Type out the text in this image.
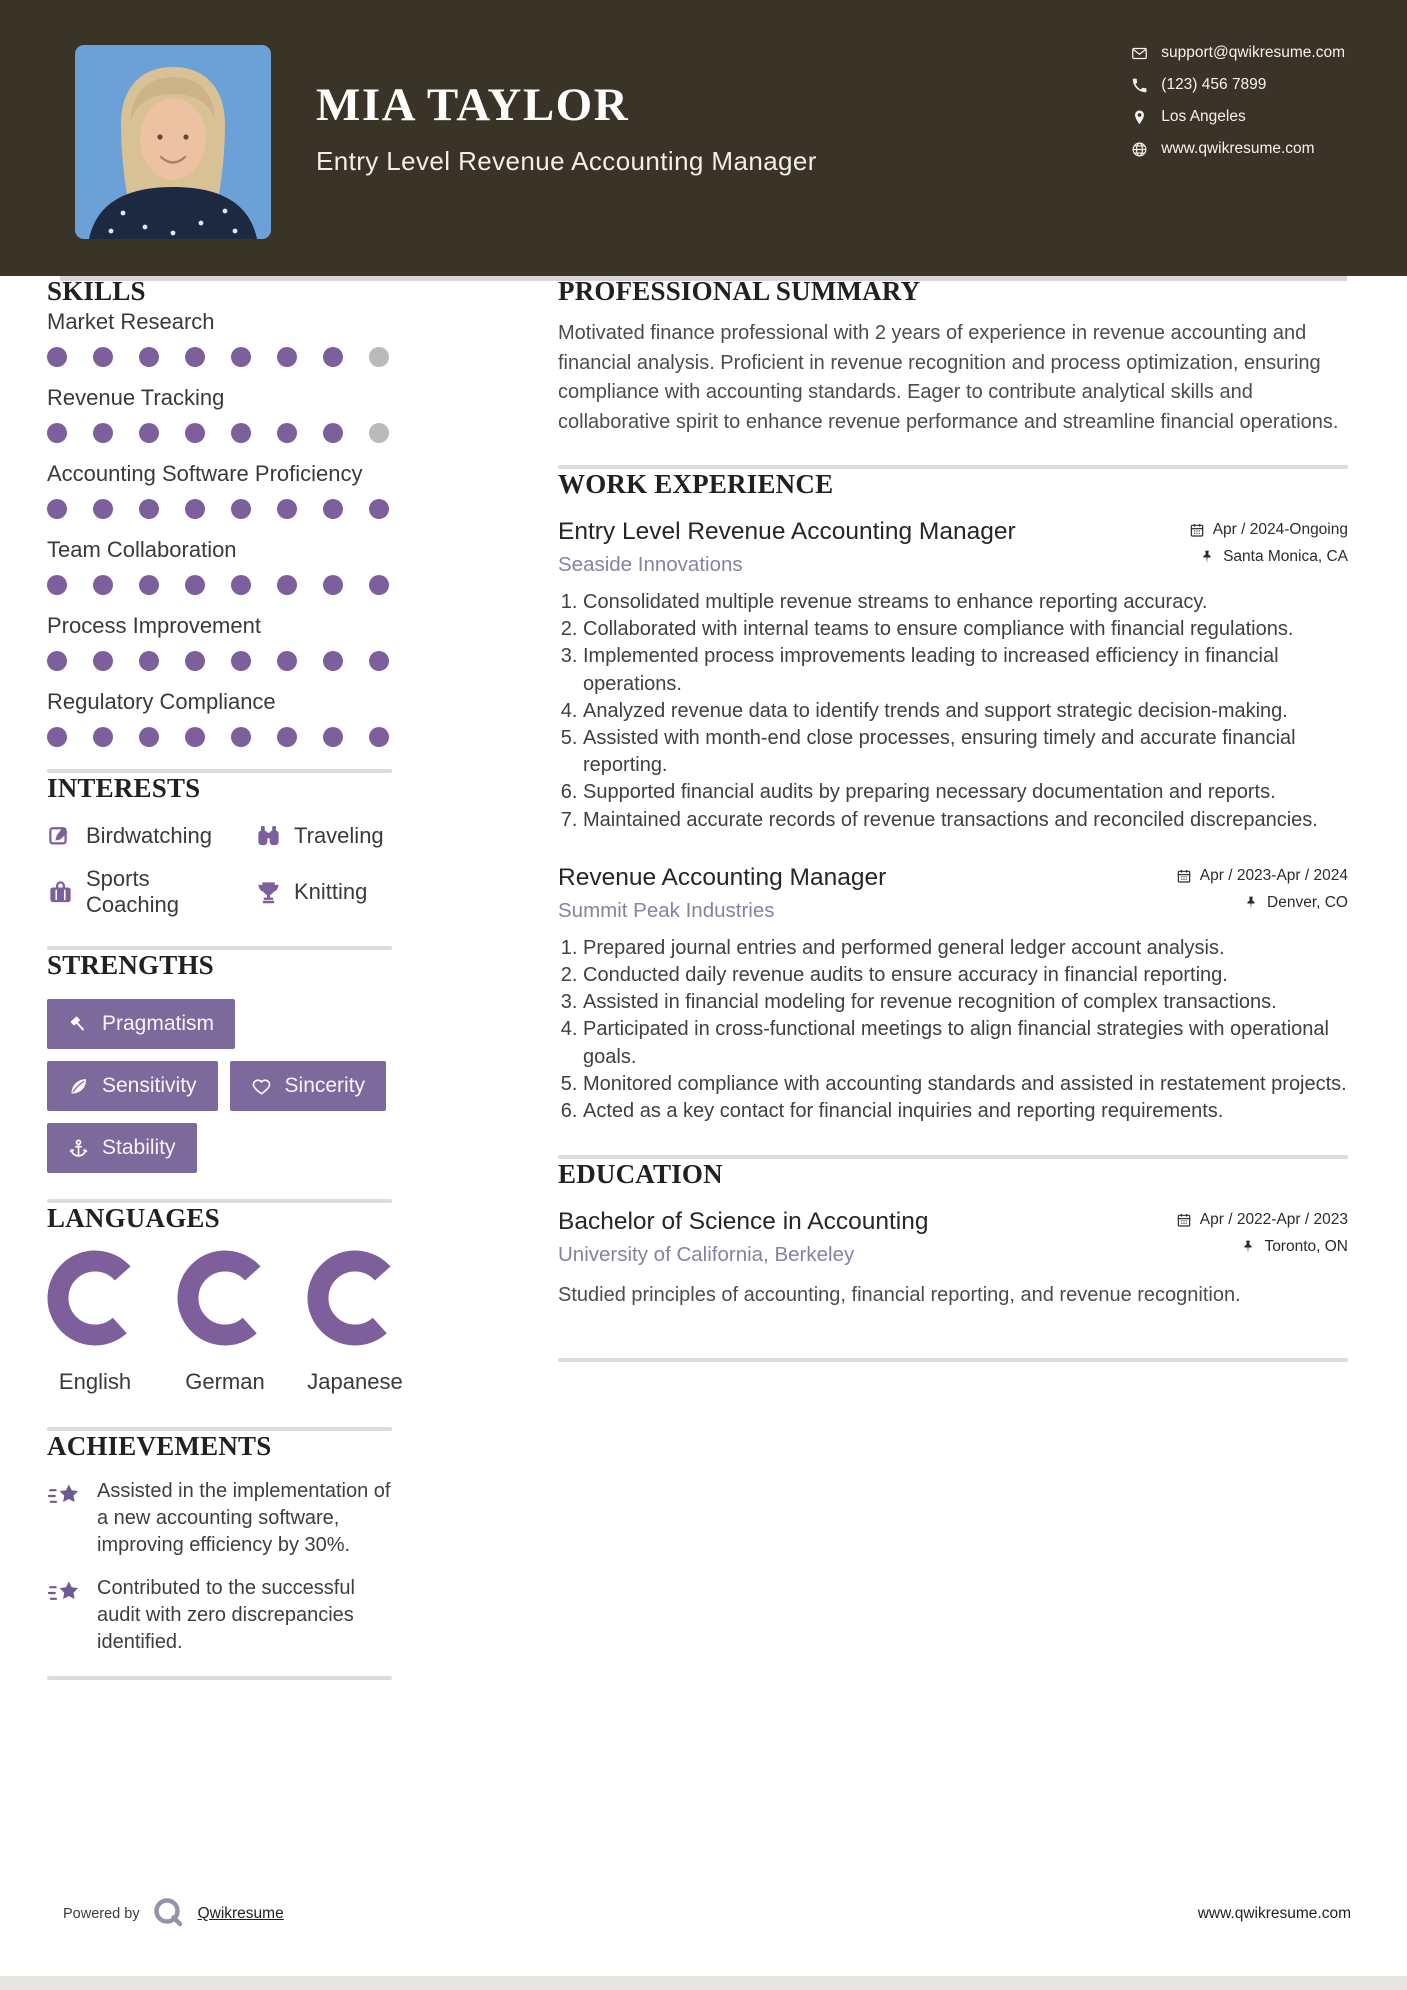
MIA TAYLOR
Entry Level Revenue Accounting Manager
support@qwikresume.com
(123) 456 7899
Los Angeles
www.qwikresume.com
SKILLS
Market Research
Revenue Tracking
Accounting Software Proficiency
Team Collaboration
Process Improvement
Regulatory Compliance
INTERESTS
Birdwatching	Traveling
Sports Coaching
Knitting
STRENGTHS
Pragmatism
Sensitivity	Sincerity
Stability
LANGUAGES
English	German	Japanese
ACHIEVEMENTS
Assisted in the implementation of a new accounting software, improving efficiency by 30%.
Contributed to the successful audit with zero discrepancies identified.
PROFESSIONAL SUMMARY

Motivated finance professional with 2 years of experience in revenue accounting and financial analysis. Proficient in revenue recognition and process optimization, ensuring compliance with accounting standards. Eager to contribute analytical skills and collaborative spirit to enhance revenue performance and streamline financial operations.

WORK EXPERIENCE
Entry Level Revenue Accounting Manager
Seaside Innovations
Apr / 2024-Ongoing
Santa Monica, CA
1. Consolidated multiple revenue streams to enhance reporting accuracy.
2. Collaborated with internal teams to ensure compliance with financial regulations.
3. Implemented process improvements leading to increased efficiency in financial operations.
4. Analyzed revenue data to identify trends and support strategic decision-making.
5. Assisted with month-end close processes, ensuring timely and accurate financial reporting.
6. Supported financial audits by preparing necessary documentation and reports.
7. Maintained accurate records of revenue transactions and reconciled discrepancies.
Revenue Accounting Manager
Summit Peak Industries
Apr / 2023-Apr / 2024
Denver, CO
1. Prepared journal entries and performed general ledger account analysis.
2. Conducted daily revenue audits to ensure accuracy in financial reporting.
3. Assisted in financial modeling for revenue recognition of complex transactions.
4. Participated in cross-functional meetings to align financial strategies with operational goals.
5. Monitored compliance with accounting standards and assisted in restatement projects.
6. Acted as a key contact for financial inquiries and reporting requirements.
EDUCATION
Bachelor of Science in Accounting
University of California, Berkeley
Apr / 2022-Apr / 2023
Toronto, ON

Studied principles of accounting, financial reporting, and revenue recognition.

Powered by	Qwikresume	www.qwikresume.com
